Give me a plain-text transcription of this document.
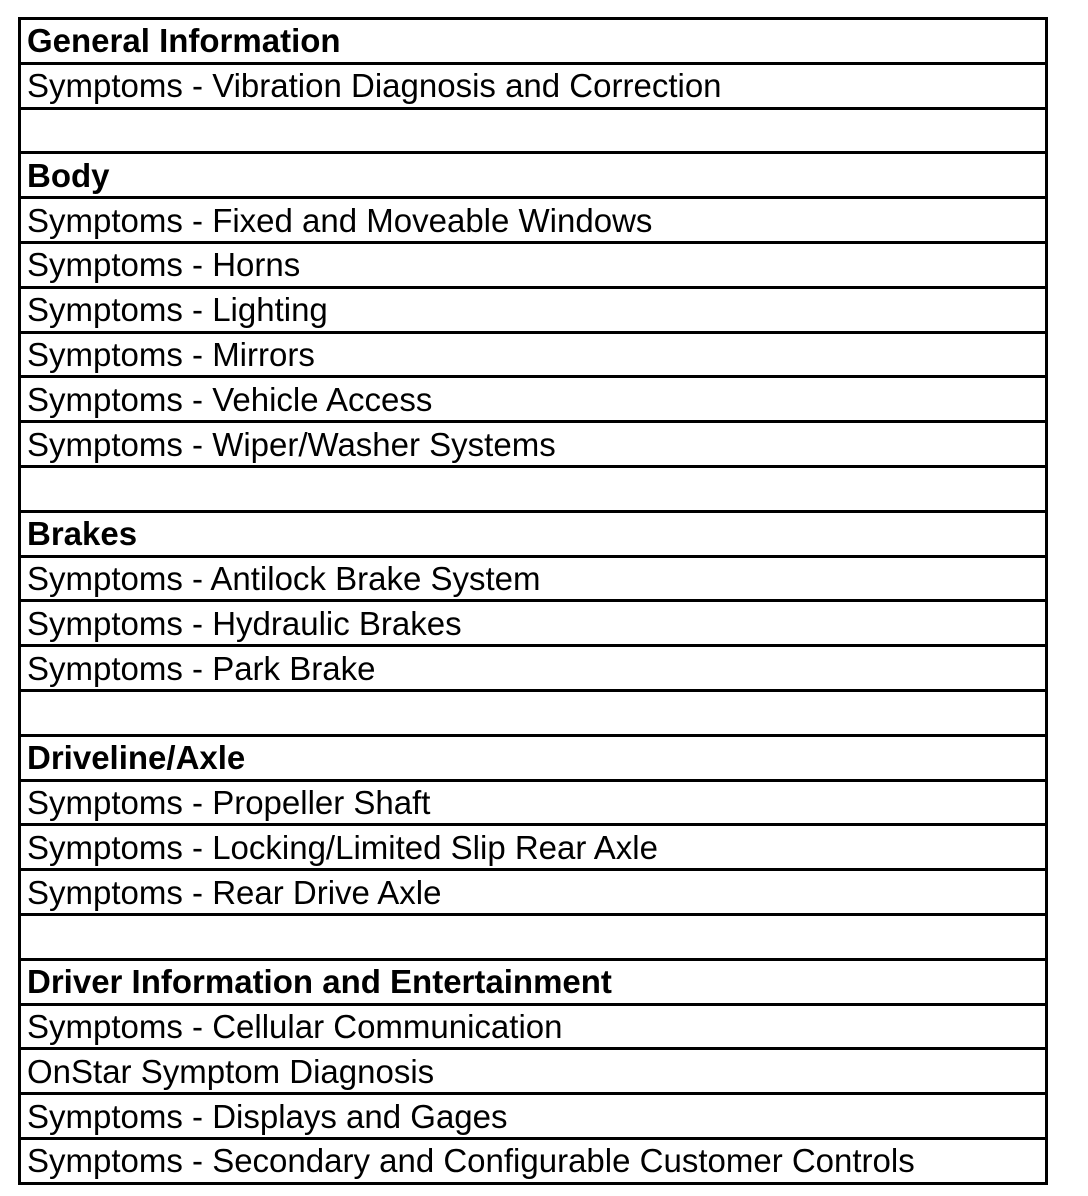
General Information
Symptoms - Vibration Diagnosis and Correction
Body
Symptoms - Fixed and Moveable Windows
Symptoms - Horns
Symptoms - Lighting
Symptoms - Mirrors
Symptoms - Vehicle Access
Symptoms - Wiper/Washer Systems
Brakes
Symptoms - Antilock Brake System
Symptoms - Hydraulic Brakes
Symptoms - Park Brake
Driveline/Axle
Symptoms - Propeller Shaft
Symptoms - Locking/Limited Slip Rear Axle
Symptoms - Rear Drive Axle
Driver Information and Entertainment
Symptoms - Cellular Communication
OnStar Symptom Diagnosis
Symptoms - Displays and Gages
Symptoms - Secondary and Configurable Customer Controls
